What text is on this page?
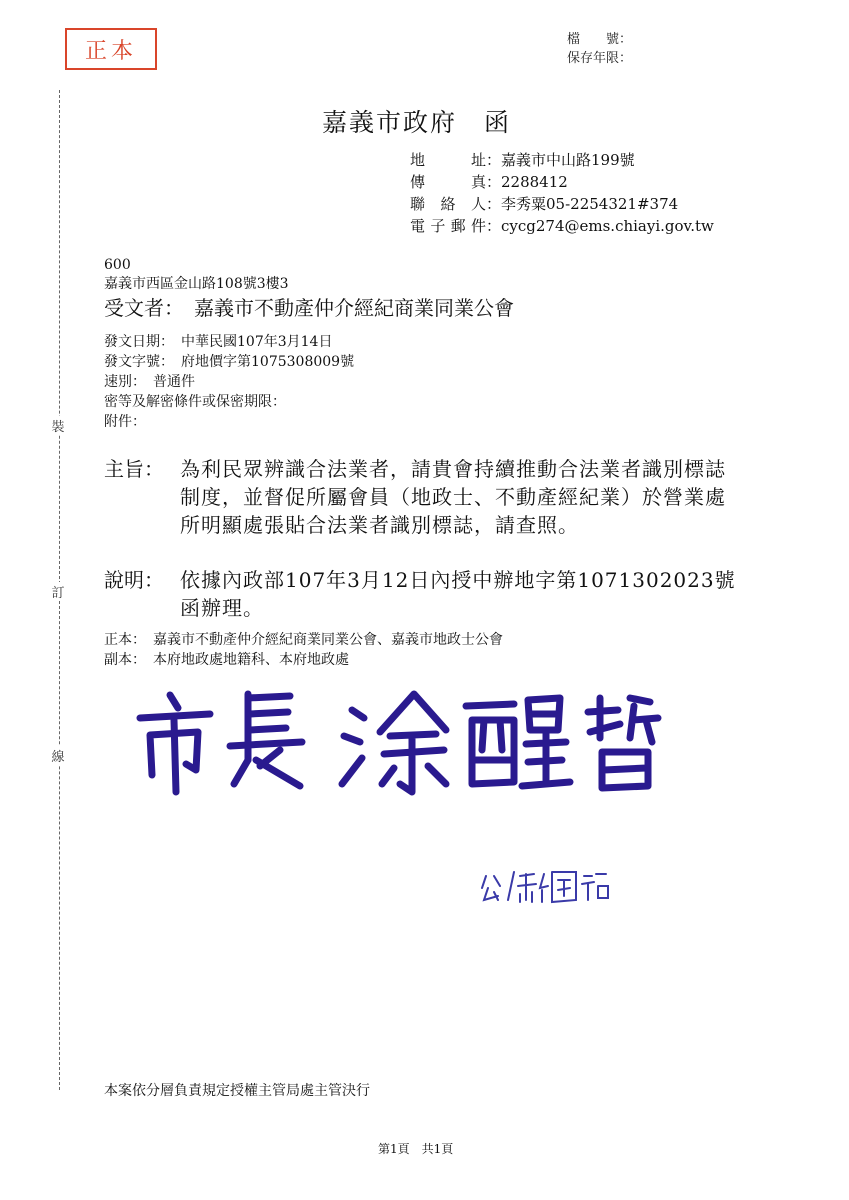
正本	檔　　號：
保存年限：
裝
訂
線
嘉義市政府　函
地址 ：嘉義市中山路199號
傳真 ：2288412
聯絡人 ：李秀粟05-2254321#374
電子郵件 ：cycg274@ems.chiayi.gov.tw
600
嘉義市西區金山路108號3樓3
受文者：　嘉義市不動產仲介經紀商業同業公會
發文日期：　中華民國107年3月14日
發文字號：　府地價字第1075308009號
速別：　普通件
密等及解密條件或保密期限：
附件：
主旨： 為利民眾辨識合法業者，請貴會持續推動合法業者識別標誌制度，並督促所屬會員（地政士、不動產經紀業）於營業處所明顯處張貼合法業者識別標誌，請查照。
說明： 依據內政部107年3月12日內授中辦地字第1071302023號函辦理。
正本：　嘉義市不動產仲介經紀商業同業公會、嘉義市地政士公會
副本：　本府地政處地籍科、本府地政處
本案依分層負責規定授權主管局處主管決行
第1頁　共1頁
